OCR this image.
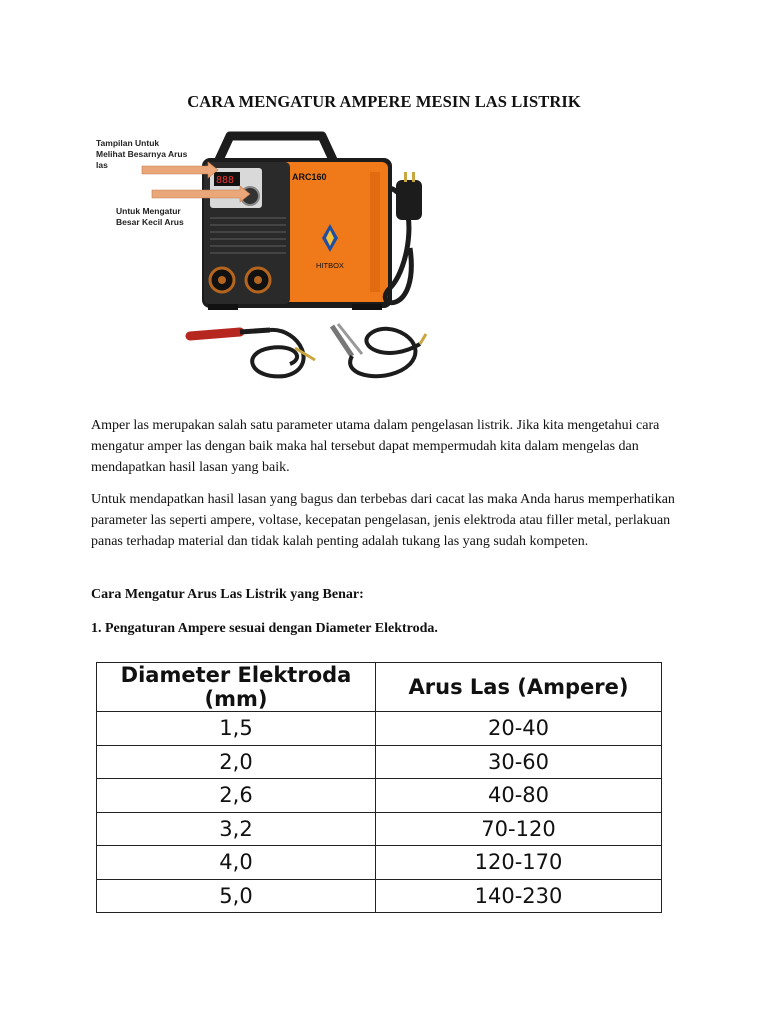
CARA MENGATUR AMPERE MESIN LAS LISTRIK
888	ARC160
HITBOX
Tampilan Untuk
Melihat Besarnya Arus
las
Untuk Mengatur
Besar Kecil Arus
Amper las merupakan salah satu parameter utama dalam pengelasan listrik. Jika kita mengetahui cara mengatur amper las dengan baik maka hal tersebut dapat mempermudah kita dalam mengelas dan mendapatkan hasil lasan yang baik.
Untuk mendapatkan hasil lasan yang bagus dan terbebas dari cacat las maka Anda harus memperhatikan parameter las seperti ampere, voltase, kecepatan pengelasan, jenis elektroda atau filler metal, perlakuan panas terhadap material dan tidak kalah penting adalah tukang las yang sudah kompeten.
Cara Mengatur Arus Las Listrik yang Benar:
1. Pengaturan Ampere sesuai dengan Diameter Elektroda.
Diameter Elektroda (mm)	Arus Las (Ampere)
1,5	20-40
2,0	30-60
2,6	40-80
3,2	70-120
4,0	120-170
5,0	140-230
